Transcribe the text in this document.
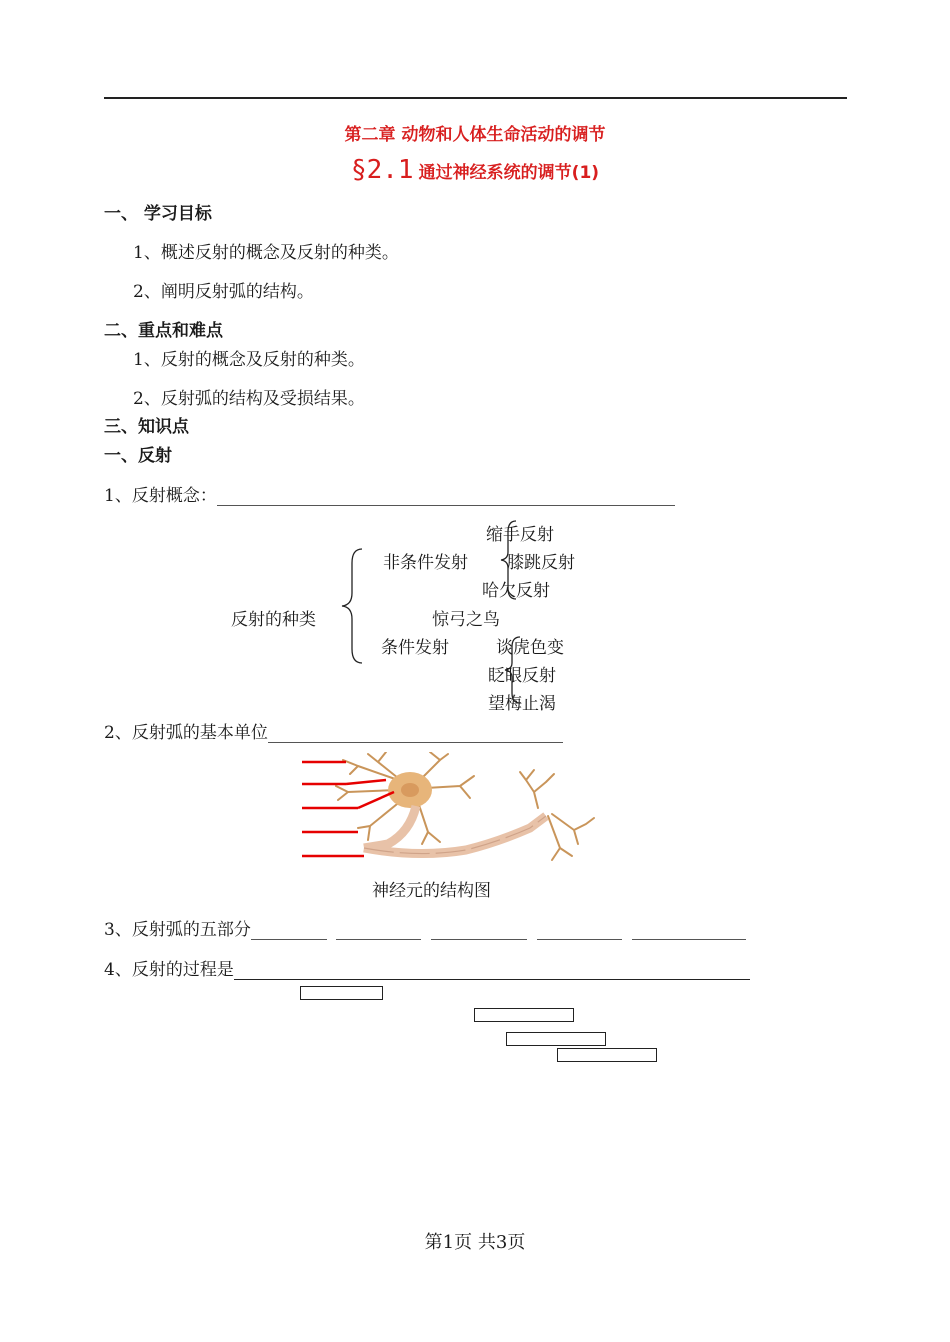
第二章 动物和人体生命活动的调节
§2.1 通过神经系统的调节(1)
一、 学习目标
1、概述反射的概念及反射的种类。
2、阐明反射弧的结构。
二、重点和难点
1、反射的概念及反射的种类。
2、反射弧的结构及受损结果。
三、知识点
一、反射
1、反射概念：
反射的种类
非条件发射
缩手反射
膝跳反射
哈欠反射
惊弓之鸟
条件发射	谈虎色变
眨眼反射
望梅止渴
2、反射弧的基本单位
神经元的结构图
3、反射弧的五部分
4、反射的过程是
第1页 共3页
